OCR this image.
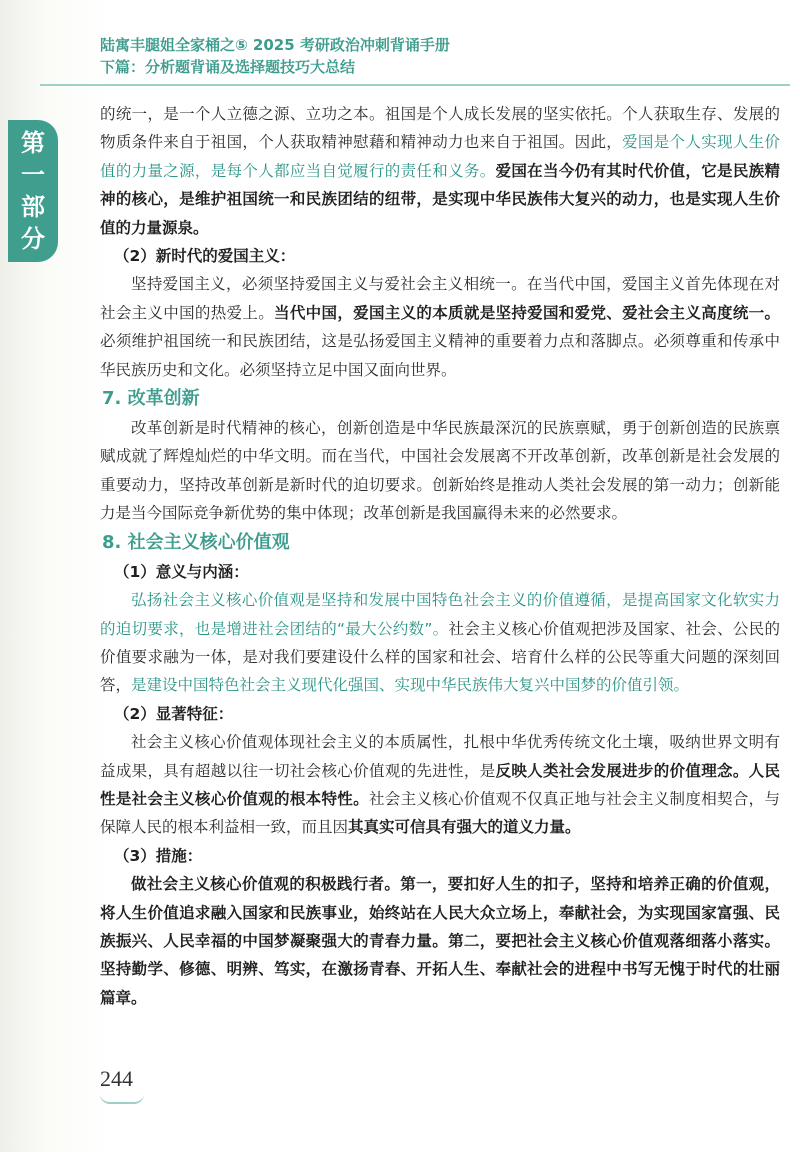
陆寓丰腿姐全家桶之⑤ 2025 考研政治冲刺背诵手册
下篇：分析题背诵及选择题技巧大总结
第
一
部
分

的统一，是一个人立德之源、立功之本。祖国是个人成长发展的坚实依托。个人获取生存、发展的物质条件来自于祖国，个人获取精神慰藉和精神动力也来自于祖国。因此，爱国是个人实现人生价值的力量之源，是每个人都应当自觉履行的责任和义务。爱国在当今仍有其时代价值，它是民族精神的核心，是维护祖国统一和民族团结的纽带，是实现中华民族伟大复兴的动力，也是实现人生价值的力量源泉。

（2）新时代的爱国主义：

坚持爱国主义，必须坚持爱国主义与爱社会主义相统一。在当代中国，爱国主义首先体现在对社会主义中国的热爱上。当代中国，爱国主义的本质就是坚持爱国和爱党、爱社会主义高度统一。必须维护祖国统一和民族团结，这是弘扬爱国主义精神的重要着力点和落脚点。必须尊重和传承中华民族历史和文化。必须坚持立足中国又面向世界。

7. 改革创新

改革创新是时代精神的核心，创新创造是中华民族最深沉的民族禀赋，勇于创新创造的民族禀赋成就了辉煌灿烂的中华文明。而在当代，中国社会发展离不开改革创新，改革创新是社会发展的重要动力，坚持改革创新是新时代的迫切要求。创新始终是推动人类社会发展的第一动力；创新能力是当今国际竞争新优势的集中体现；改革创新是我国赢得未来的必然要求。

8. 社会主义核心价值观

（1）意义与内涵：

弘扬社会主义核心价值观是坚持和发展中国特色社会主义的价值遵循，是提高国家文化软实力的迫切要求，也是增进社会团结的“最大公约数”。社会主义核心价值观把涉及国家、社会、公民的价值要求融为一体，是对我们要建设什么样的国家和社会、培育什么样的公民等重大问题的深刻回答，是建设中国特色社会主义现代化强国、实现中华民族伟大复兴中国梦的价值引领。

（2）显著特征：

社会主义核心价值观体现社会主义的本质属性，扎根中华优秀传统文化土壤，吸纳世界文明有益成果，具有超越以往一切社会核心价值观的先进性，是反映人类社会发展进步的价值理念。人民性是社会主义核心价值观的根本特性。社会主义核心价值观不仅真正地与社会主义制度相契合，与保障人民的根本利益相一致，而且因其真实可信具有强大的道义力量。

（3）措施：

做社会主义核心价值观的积极践行者。第一，要扣好人生的扣子，坚持和培养正确的价值观，将人生价值追求融入国家和民族事业，始终站在人民大众立场上，奉献社会，为实现国家富强、民族振兴、人民幸福的中国梦凝聚强大的青春力量。第二，要把社会主义核心价值观落细落小落实。坚持勤学、修德、明辨、笃实，在激扬青春、开拓人生、奉献社会的进程中书写无愧于时代的壮丽篇章。

244
